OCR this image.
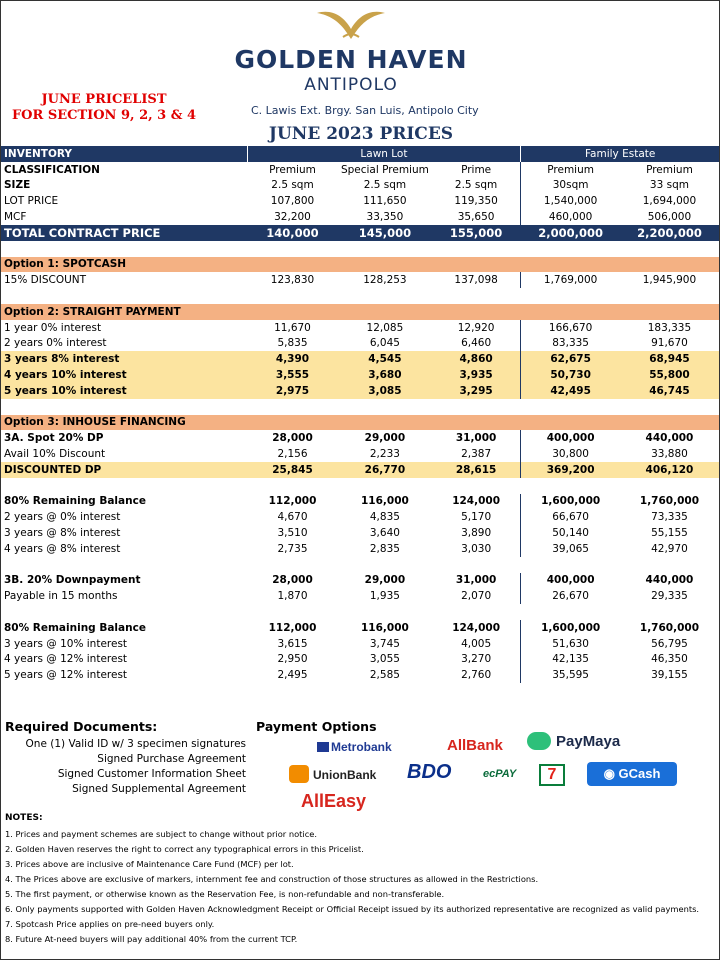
GOLDEN HAVEN
ANTIPOLO
JUNE PRICELIST
FOR SECTION 9, 2, 3 & 4	C. Lawis Ext. Brgy. San Luis, Antipolo City
JUNE 2023 PRICES
INVENTORY	Lawn Lot			Family Estate	
CLASSIFICATION	Premium	Special Premium	Prime	Premium	Premium
SIZE	2.5 sqm	2.5 sqm	2.5 sqm	30sqm	33 sqm
LOT PRICE	107,800	111,650	119,350	1,540,000	1,694,000
MCF	32,200	33,350	35,650	460,000	506,000
TOTAL CONTRACT PRICE	140,000	145,000	155,000	2,000,000	2,200,000

Option 1: SPOTCASH					
15% DISCOUNT	123,830	128,253	137,098	1,769,000	1,945,900

Option 2: STRAIGHT PAYMENT					
1 year 0% interest	11,670	12,085	12,920	166,670	183,335
2 years 0% interest	5,835	6,045	6,460	83,335	91,670
3 years 8% interest	4,390	4,545	4,860	62,675	68,945
4 years 10% interest	3,555	3,680	3,935	50,730	55,800
5 years 10% interest	2,975	3,085	3,295	42,495	46,745

Option 3: INHOUSE FINANCING					
3A. Spot 20% DP	28,000	29,000	31,000	400,000	440,000
Avail 10% Discount	2,156	2,233	2,387	30,800	33,880
DISCOUNTED DP	25,845	26,770	28,615	369,200	406,120

80% Remaining Balance	112,000	116,000	124,000	1,600,000	1,760,000
2 years @ 0% interest	4,670	4,835	5,170	66,670	73,335
3 years @ 8% interest	3,510	3,640	3,890	50,140	55,155
4 years @ 8% interest	2,735	2,835	3,030	39,065	42,970

3B. 20% Downpayment	28,000	29,000	31,000	400,000	440,000
Payable in 15 months	1,870	1,935	2,070	26,670	29,335

80% Remaining Balance	112,000	116,000	124,000	1,600,000	1,760,000
3 years @ 10% interest	3,615	3,745	4,005	51,630	56,795
4 years @ 12% interest	2,950	3,055	3,270	42,135	46,350
5 years @ 12% interest	2,495	2,585	2,760	35,595	39,155
Required Documents:
One (1) Valid ID w/ 3 specimen signatures
Signed Purchase Agreement
Signed Customer Information Sheet
Signed Supplemental Agreement
Payment Options
Metrobank	AllBank	PayMaya
UnionBank BDO	ecPAY	7	◉ GCash
AllEasy
NOTES:
1. Prices and payment schemes are subject to change without prior notice.
2. Golden Haven reserves the right to correct any typographical errors in this Pricelist.
3. Prices above are inclusive of Maintenance Care Fund (MCF) per lot.
4. The Prices above are exclusive of markers, internment fee and construction of those structures as allowed in the Restrictions.
5. The first payment, or otherwise known as the Reservation Fee, is non-refundable and non-transferable.
6. Only payments supported with Golden Haven Acknowledgment Receipt or Official Receipt issued by its authorized representative are recognized as valid payments.
7. Spotcash Price applies on pre-need buyers only.
8. Future At-need buyers will pay additional 40% from the current TCP.
